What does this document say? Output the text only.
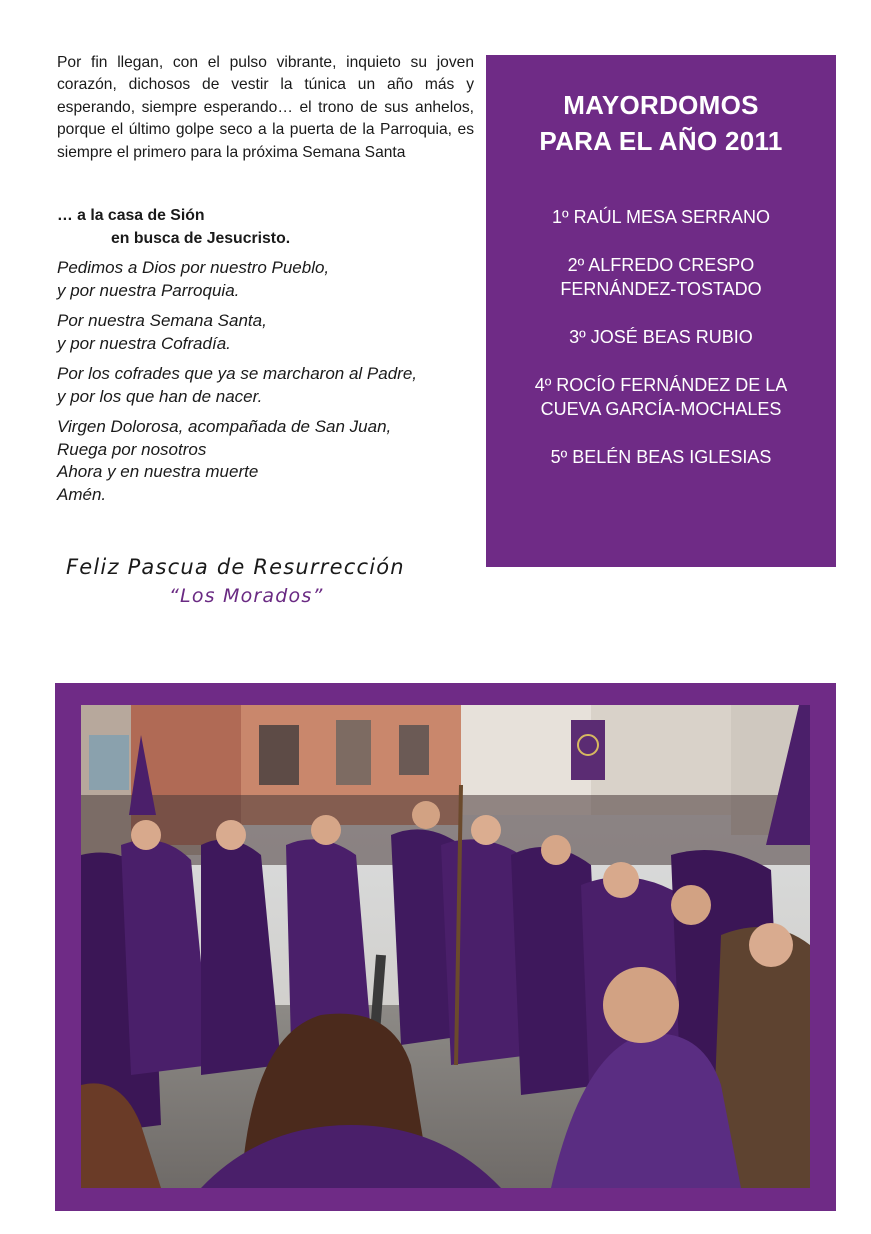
Por fin llegan, con el pulso vibrante, inquieto su joven corazón, dichosos de vestir la túnica un año más y esperando, siempre esperando… el trono de sus anhelos, porque el último golpe seco a la puerta de la Parroquia, es siempre el primero para la próxima Semana Santa

… a la casa de Sión
en busca de Jesucristo.
Pedimos a Dios por nuestro Pueblo,
y por nuestra Parroquia.
Por nuestra Semana Santa,
y por nuestra Cofradía.
Por los cofrades que ya se marcharon al Padre,
y por los que han de nacer.
Virgen Dolorosa, acompañada de San Juan,
Ruega por nosotros
Ahora y en nuestra muerte
Amén.
Feliz Pascua de Resurrección
“Los Morados”
MAYORDOMOS
PARA EL AÑO 2011
1º RAÚL MESA SERRANO
2º ALFREDO CRESPO
FERNÁNDEZ-TOSTADO
3º JOSÉ BEAS RUBIO
4º ROCÍO FERNÁNDEZ DE LA
CUEVA GARCÍA-MOCHALES
5º BELÉN BEAS IGLESIAS
